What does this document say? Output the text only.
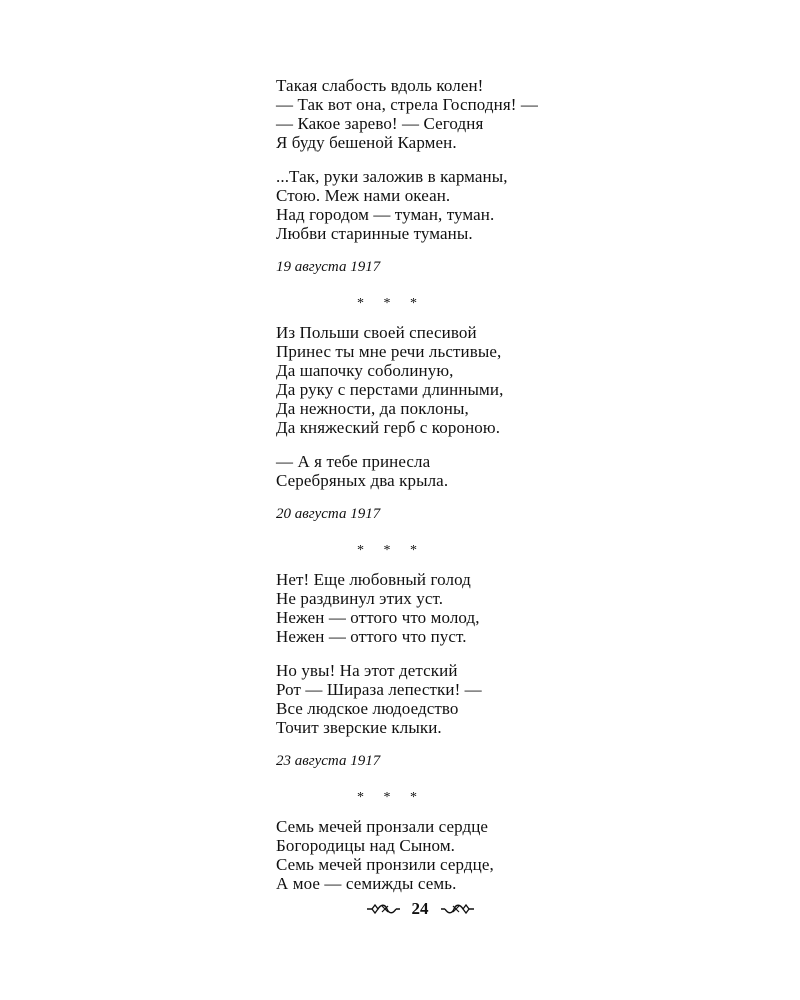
Такая слабость вдоль колен!
— Так вот она, стрела Господня! —
— Какое зарево! — Сегодня
Я буду бешеной Кармен.
...Так, руки заложив в карманы,
Стою. Меж нами океан.
Над городом — туман, туман.
Любви старинные туманы.
19 августа 1917
* * *
Из Польши своей спесивой
Принес ты мне речи льстивые,
Да шапочку соболиную,
Да руку с перстами длинными,
Да нежности, да поклоны,
Да княжеский герб с короною.
— А я тебе принесла
Серебряных два крыла.
20 августа 1917
* * *
Нет! Еще любовный голод
Не раздвинул этих уст.
Нежен — оттого что молод,
Нежен — оттого что пуст.
Но увы! На этот детский
Рот — Шираза лепестки! —
Все людское людоедство
Точит зверские клыки.
23 августа 1917
* * *
Семь мечей пронзали сердце
Богородицы над Сыном.
Семь мечей пронзили сердце,
А мое — семижды семь.
24
